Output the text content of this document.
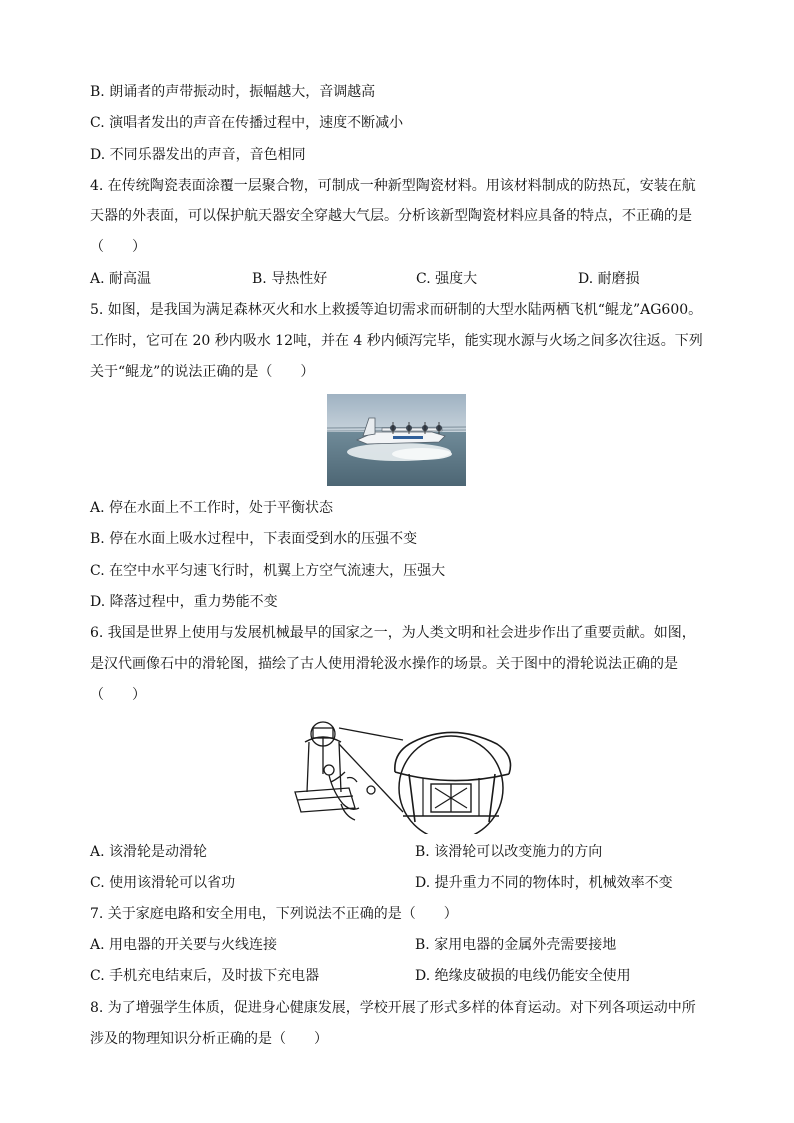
B. 朗诵者的声带振动时，振幅越大，音调越高
C. 演唱者发出的声音在传播过程中，速度不断减小
D. 不同乐器发出的声音，音色相同
4. 在传统陶瓷表面涂覆一层聚合物，可制成一种新型陶瓷材料。用该材料制成的防热瓦，安装在航
天器的外表面，可以保护航天器安全穿越大气层。分析该新型陶瓷材料应具备的特点，不正确的是
（　　）
A. 耐高温	B. 导热性好	C. 强度大	D. 耐磨损
5. 如图，是我国为满足森林灭火和水上救援等迫切需求而研制的大型水陆两栖飞机“鲲龙”AG600。
工作时，它可在 20 秒内吸水 12吨，并在 4 秒内倾泻完毕，能实现水源与火场之间多次往返。下列
关于“鲲龙”的说法正确的是（　　）
A. 停在水面上不工作时，处于平衡状态
B. 停在水面上吸水过程中，下表面受到水的压强不变
C. 在空中水平匀速飞行时，机翼上方空气流速大，压强大
D. 降落过程中，重力势能不变
6. 我国是世界上使用与发展机械最早的国家之一，为人类文明和社会进步作出了重要贡献。如图，
是汉代画像石中的滑轮图，描绘了古人使用滑轮汲水操作的场景。关于图中的滑轮说法正确的是
（　　）
A. 该滑轮是动滑轮	B. 该滑轮可以改变施力的方向
C. 使用该滑轮可以省功	D. 提升重力不同的物体时，机械效率不变
7. 关于家庭电路和安全用电，下列说法不正确的是（　　）
A. 用电器的开关要与火线连接	B. 家用电器的金属外壳需要接地
C. 手机充电结束后，及时拔下充电器	D. 绝缘皮破损的电线仍能安全使用
8. 为了增强学生体质，促进身心健康发展，学校开展了形式多样的体育运动。对下列各项运动中所
涉及的物理知识分析正确的是（　　）
